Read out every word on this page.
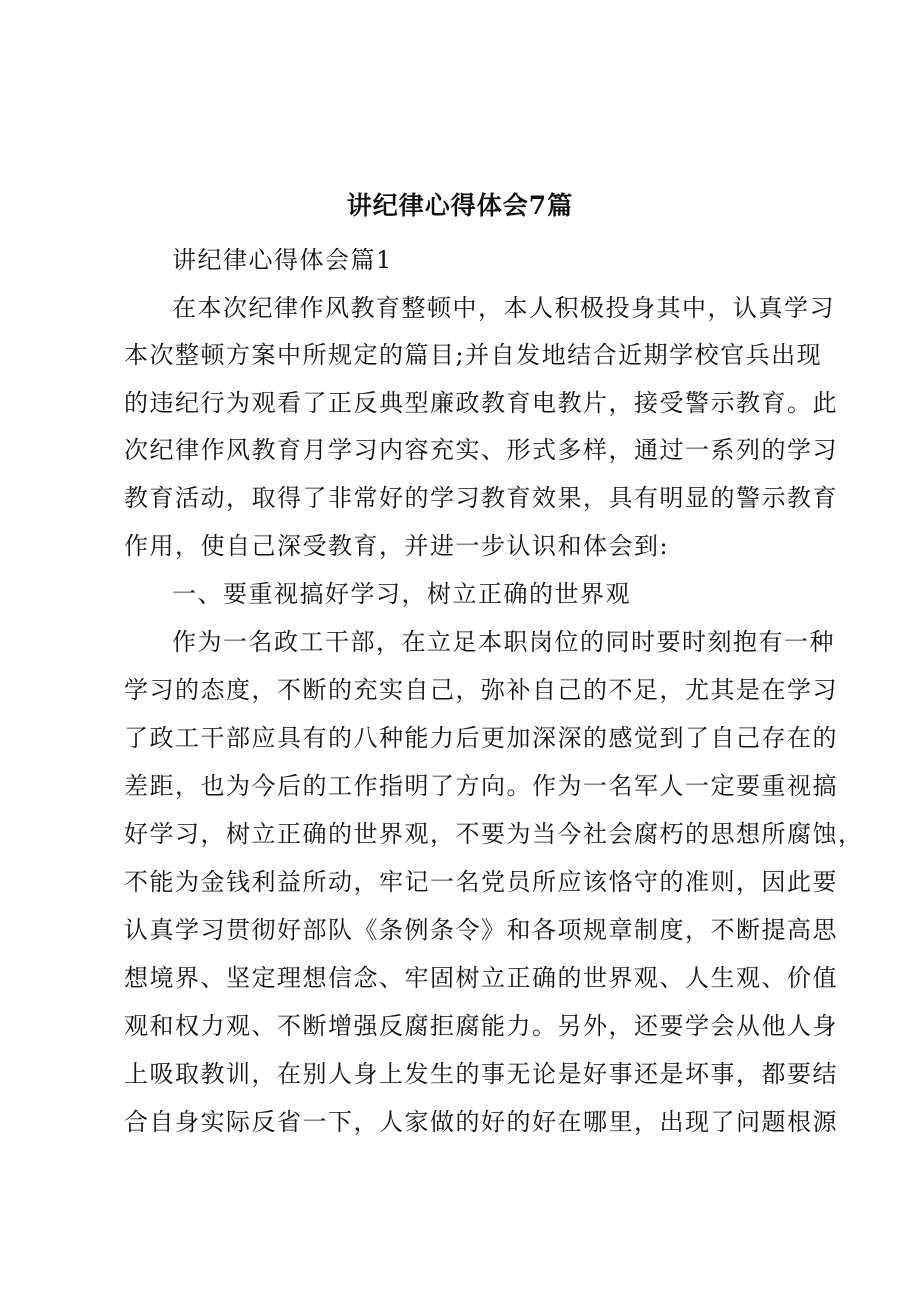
讲纪律心得体会7篇
讲纪律心得体会篇1
在本次纪律作风教育整顿中，本人积极投身其中，认真学习
本次整顿方案中所规定的篇目;并自发地结合近期学校官兵出现
的违纪行为观看了正反典型廉政教育电教片，接受警示教育。此
次纪律作风教育月学习内容充实、形式多样，通过一系列的学习
教育活动，取得了非常好的学习教育效果，具有明显的警示教育
作用，使自己深受教育，并进一步认识和体会到:
一、要重视搞好学习，树立正确的世界观
作为一名政工干部，在立足本职岗位的同时要时刻抱有一种
学习的态度，不断的充实自己，弥补自己的不足，尤其是在学习
了政工干部应具有的八种能力后更加深深的感觉到了自己存在的
差距，也为今后的工作指明了方向。作为一名军人一定要重视搞
好学习，树立正确的世界观，不要为当今社会腐朽的思想所腐蚀，
不能为金钱利益所动，牢记一名党员所应该恪守的准则，因此要
认真学习贯彻好部队《条例条令》和各项规章制度，不断提高思
想境界、坚定理想信念、牢固树立正确的世界观、人生观、价值
观和权力观、不断增强反腐拒腐能力。另外，还要学会从他人身
上吸取教训，在别人身上发生的事无论是好事还是坏事，都要结
合自身实际反省一下，人家做的好的好在哪里，出现了问题根源
